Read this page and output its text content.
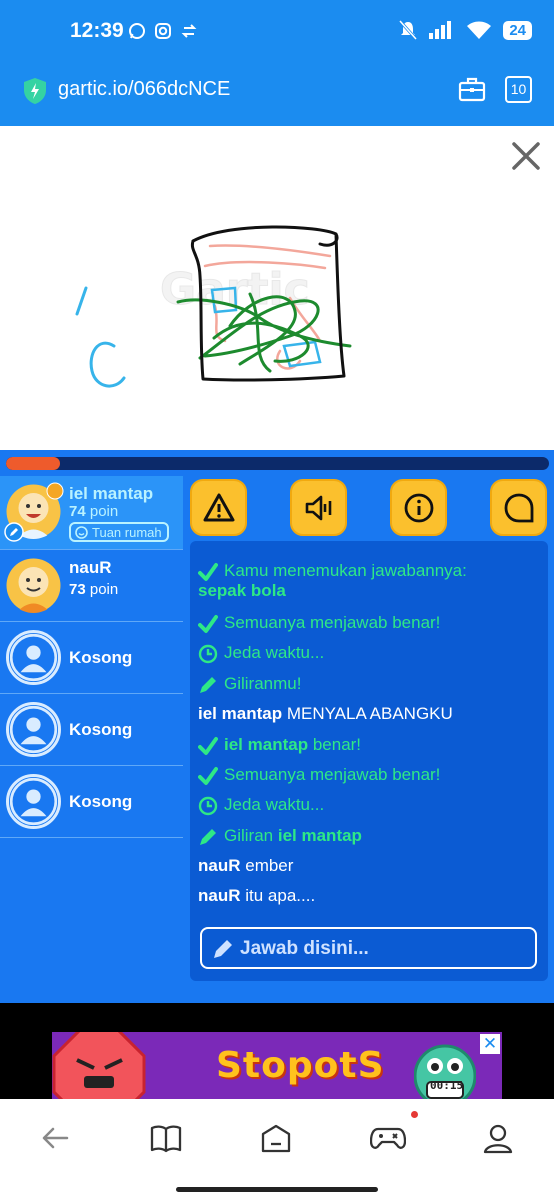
12:39	24
gartic.io/066dcNCE	10
Gartic
iel mantap
74 poin
Tuan rumah
nauR
73 poin
Kosong
Kosong
Kosong
Kamu menemukan jawabannya:
sepak bola
Semuanya menjawab benar!
Jeda waktu...
Giliranmu!
iel mantap MENYALA ABANGKU
iel mantap benar!
Semuanya menjawab benar!
Jeda waktu...
Giliran iel mantap
nauR ember
nauR itu apa....
Jawab disini...
StopotS	00:15
✕
